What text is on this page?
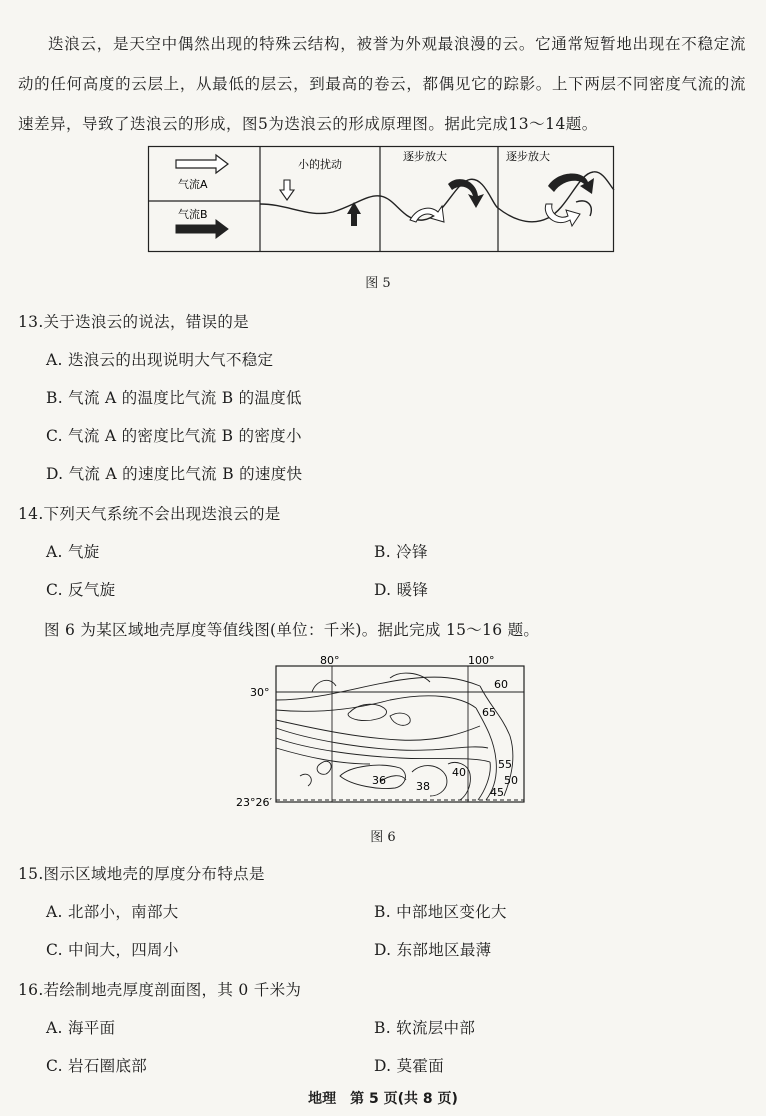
迭浪云，是天空中偶然出现的特殊云结构，被誉为外观最浪漫的云。它通常短暂地出现在不稳定流动的任何高度的云层上，从最低的层云，到最高的卷云，都偶见它的踪影。上下两层不同密度气流的流速差异，导致了迭浪云的形成，图5为迭浪云的形成原理图。据此完成13～14题。
气流A
气流B
小的扰动
逐步放大	逐步放大
图 5
13.关于迭浪云的说法，错误的是
A. 迭浪云的出现说明大气不稳定
B. 气流 A 的温度比气流 B 的温度低
C. 气流 A 的密度比气流 B 的密度小
D. 气流 A 的速度比气流 B 的速度快
14.下列天气系统不会出现迭浪云的是
A. 气旋	B. 冷锋
C. 反气旋	D. 暖锋
图 6 为某区域地壳厚度等值线图(单位：千米)。据此完成 15～16 题。
80°	100°
30°
23°26′
60
65
36	38
40
55
50
45
图 6
15.图示区域地壳的厚度分布特点是
A. 北部小，南部大	B. 中部地区变化大
C. 中间大，四周小	D. 东部地区最薄
16.若绘制地壳厚度剖面图，其 0 千米为
A. 海平面	B. 软流层中部
C. 岩石圈底部	D. 莫霍面
地理　第 5 页(共 8 页)
